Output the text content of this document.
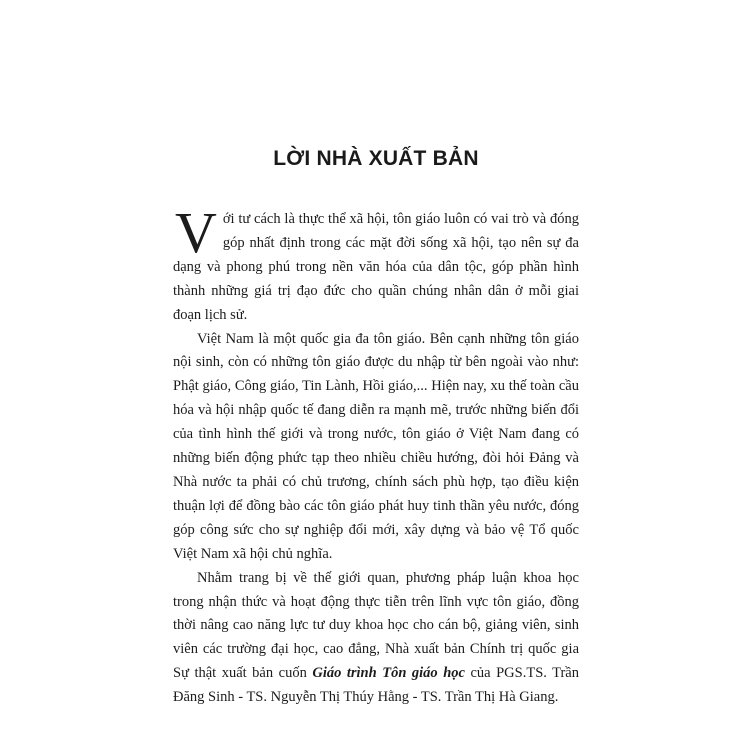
LỜI NHÀ XUẤT BẢN

Với tư cách là thực thể xã hội, tôn giáo luôn có vai trò và đóng góp nhất định trong các mặt đời sống xã hội, tạo nên sự đa dạng và phong phú trong nền văn hóa của dân tộc, góp phần hình thành những giá trị đạo đức cho quần chúng nhân dân ở mỗi giai đoạn lịch sử.

Việt Nam là một quốc gia đa tôn giáo. Bên cạnh những tôn giáo nội sinh, còn có những tôn giáo được du nhập từ bên ngoài vào như: Phật giáo, Công giáo, Tin Lành, Hồi giáo,... Hiện nay, xu thế toàn cầu hóa và hội nhập quốc tế đang diễn ra mạnh mẽ, trước những biến đổi của tình hình thế giới và trong nước, tôn giáo ở Việt Nam đang có những biến động phức tạp theo nhiều chiều hướng, đòi hỏi Đảng và Nhà nước ta phải có chủ trương, chính sách phù hợp, tạo điều kiện thuận lợi để đồng bào các tôn giáo phát huy tinh thần yêu nước, đóng góp công sức cho sự nghiệp đổi mới, xây dựng và bảo vệ Tổ quốc Việt Nam xã hội chủ nghĩa.

Nhằm trang bị về thế giới quan, phương pháp luận khoa học trong nhận thức và hoạt động thực tiễn trên lĩnh vực tôn giáo, đồng thời nâng cao năng lực tư duy khoa học cho cán bộ, giảng viên, sinh viên các trường đại học, cao đẳng, Nhà xuất bản Chính trị quốc gia Sự thật xuất bản cuốn Giáo trình Tôn giáo học của PGS.TS. Trần Đăng Sinh - TS. Nguyễn Thị Thúy Hằng - TS. Trần Thị Hà Giang.
